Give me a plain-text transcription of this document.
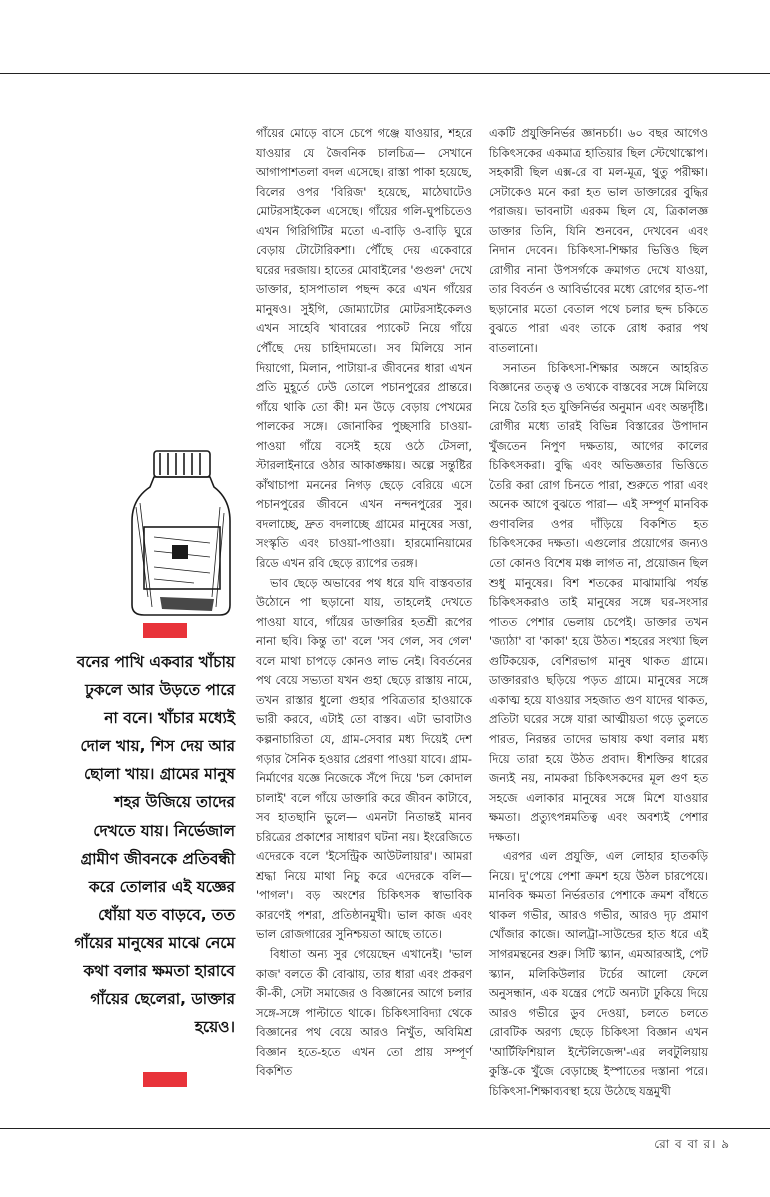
গাঁয়ের মোড়ে বাসে চেপে গঞ্জে যাওয়ার, শহরে যাওয়ার যে জৈবনিক চালচিত্র— সেখানে আগাপাশতলা বদল এসেছে। রাস্তা পাকা হয়েছে, বিলের ওপর 'বিরিজ' হয়েছে, মাঠেঘাটেও মোটরসাইকেল এসেছে। গাঁয়ের গলি-ঘুপচিতেও এখন গিরিগিটির মতো এ-বাড়ি ও-বাড়ি ঘুরে বেড়ায় টোটোরিকশা। পৌঁছে দেয় একেবারে ঘরের দরজায়। হাতের মোবাইলের 'গুগুল' দেখে ডাক্তার, হাসপাতাল পছন্দ করে এখন গাঁয়ের মানুষও। সুইগি, জোম্যাটোর মোটরসাইকেলও এখন সাহেবি খাবারের প্যাকেট নিয়ে গাঁয়ে পৌঁছে দেয় চাহিদামতো। সব মিলিয়ে সান দিয়াগো, মিলান, পাটায়া-র জীবনের ধারা এখন প্রতি মুহূর্তে ঢেউ তোলে পচানপুরের প্রান্তরে। গাঁয়ে থাকি তো কী! মন উড়ে বেড়ায় পেখমের পালকের সঙ্গে। জোনাকির পুচ্ছসারি চাওয়া-পাওয়া গাঁয়ে বসেই হয়ে ওঠে টেসলা, স্টারলাইনারে ওঠার আকাঙ্ক্ষায়। অল্পে সন্তুষ্টির কাঁথাচাপা মননের নিগড় ছেড়ে বেরিয়ে এসে পচানপুরের জীবনে এখন নন্দনপুরের সুর। বদলাচ্ছে, দ্রুত বদলাচ্ছে গ্রামের মানুষের সত্তা, সংস্কৃতি এবং চাওয়া-পাওয়া। হারমোনিয়ামের রিডে এখন রবি ছেড়ে র‍্যাপের তরঙ্গ।

ভাব ছেড়ে অভাবের পথ ধরে যদি বাস্তবতার উঠোনে পা ছড়ানো যায়, তাহলেই দেখতে পাওয়া যাবে, গাঁয়ের ডাক্তারির হতশ্রী রূপের নানা ছবি। কিন্তু তা' বলে 'সব গেল, সব গেল' বলে মাথা চাপড়ে কোনও লাভ নেই। বিবর্তনের পথ বেয়ে সভ্যতা যখন গুহা ছেড়ে রাস্তায় নামে, তখন রাস্তার ধুলো গুহার পবিত্রতার হাওয়াকে ভারী করবে, এটাই তো বাস্তব। এটা ভাবাটাও কল্পনাচারিতা যে, গ্রাম-সেবার মধ্য দিয়েই দেশ গড়ার সৈনিক হওয়ার প্রেরণা পাওয়া যাবে। গ্রাম-নির্মাণের যজ্ঞে নিজেকে সঁপে দিয়ে 'চল কোদাল চালাই' বলে গাঁয়ে ডাক্তারি করে জীবন কাটাবে, সব হাতছানি ভুলে— এমনটা নিতান্তই মানব চরিত্রের প্রকাশের সাধারণ ঘটনা নয়। ইংরেজিতে এদেরকে বলে 'ইসেন্ট্রিক আউটলায়ার'। আমরা শ্রদ্ধা নিয়ে মাথা নিচু করে এদেরকে বলি— 'পাগল'। বড় অংশের চিকিৎসক স্বাভাবিক কারণেই পশরা, প্রতিষ্ঠানমুখী। ভাল কাজ এবং ভাল রোজগারের সুনিশ্চয়তা আছে তাতে।

বিধাতা অন্য সুর গেয়েছেন এখানেই। 'ভাল কাজ' বলতে কী বোঝায়, তার ধারা এবং প্রকরণ কী-কী, সেটা সমাজের ও বিজ্ঞানের আগে চলার সঙ্গে-সঙ্গে পাল্টাতে থাকে। চিকিৎসাবিদ্যা থেকে বিজ্ঞানের পথ বেয়ে আরও নিখুঁত, অবিমিশ্র বিজ্ঞান হতে-হতে এখন তো প্রায় সম্পূর্ণ বিকশিত

একটি প্রযুক্তিনির্ভর জ্ঞানচর্চা। ৬০ বছর আগেও চিকিৎসকের একমাত্র হাতিয়ার ছিল স্টেথোস্কোপ। সহকারী ছিল এক্স-রে বা মল-মূত্র, থুতু পরীক্ষা। সেটাকেও মনে করা হত ভাল ডাক্তারের বুদ্ধির পরাজয়। ভাবনাটা এরকম ছিল যে, ত্রিকালজ্ঞ ডাক্তার তিনি, যিনি শুনবেন, দেখবেন এবং নিদান দেবেন। চিকিৎসা-শিক্ষার ভিত্তিও ছিল রোগীর নানা উপসর্গকে ক্রমাগত দেখে যাওয়া, তার বিবর্তন ও আবির্ভাবের মধ্যে রোগের হাত-পা ছড়ানোর মতো বেতাল পথে চলার ছন্দ চকিতে বুঝতে পারা এবং তাকে রোধ করার পথ বাতলানো।

সনাতন চিকিৎসা-শিক্ষার অঙ্গনে আহরিত বিজ্ঞানের তত্ত্ব ও তথ্যকে বাস্তবের সঙ্গে মিলিয়ে নিয়ে তৈরি হত যুক্তিনির্ভর অনুমান এবং অন্তর্দৃষ্টি। রোগীর মধ্যে তারই বিভিন্ন বিস্তারের উপাদান খুঁজতেন নিপুণ দক্ষতায়, আগের কালের চিকিৎসকরা। বুদ্ধি এবং অভিজ্ঞতার ভিত্তিতে তৈরি করা রোগ চিনতে পারা, শুরুতে পারা এবং অনেক আগে বুঝতে পারা— এই সম্পূর্ণ মানবিক গুণাবলির ওপর দাঁড়িয়ে বিকশিত হত চিকিৎসকের দক্ষতা। এগুলোর প্রয়োগের জন্যও তো কোনও বিশেষ মঞ্চ লাগত না, প্রয়োজন ছিল শুধু মানুষের। বিশ শতকের মাঝামাঝি পর্যন্ত চিকিৎসকরাও তাই মানুষের সঙ্গে ঘর-সংসার পাতত পেশার ভেলায় চেপেই। ডাক্তার তখন 'জ্যাঠা' বা 'কাকা' হয়ে উঠত। শহরের সংখ্যা ছিল গুটিকয়েক, বেশিরভাগ মানুষ থাকত গ্রামে। ডাক্তাররাও ছড়িয়ে পড়ত গ্রামে। মানুষের সঙ্গে একাত্ম হয়ে যাওয়ার সহজাত গুণ যাদের থাকত, প্রতিটা ঘরের সঙ্গে যারা আত্মীয়তা গড়ে তুলতে পারত, নিরন্তর তাদের ভাষায় কথা বলার মধ্য দিয়ে তারা হয়ে উঠত প্রবাদ। ধীশক্তির ধারের জন্যই নয়, নামকরা চিকিৎসকদের মূল গুণ হত সহজে এলাকার মানুষের সঙ্গে মিশে যাওয়ার ক্ষমতা। প্রত্যুৎপন্নমতিত্ব এবং অবশ্যই পেশার দক্ষতা।

এরপর এল প্রযুক্তি, এল লোহার হাতকড়ি নিয়ে। দু'পেয়ে পেশা ক্রমশ হয়ে উঠল চারপেয়ে। মানবিক ক্ষমতা নির্ভরতার পেশাকে ক্রমশ বাঁধতে থাকল গভীর, আরও গভীর, আরও দৃঢ় প্রমাণ খোঁজার কাজে। আলট্রা-সাউন্ডের হাত ধরে এই সাগরমন্থনের শুরু। সিটি স্ক্যান, এমআরআই, পেট স্ক্যান, মলিকিউলার টর্চের আলো ফেলে অনুসন্ধান, এক যন্ত্রের পেটে অন্যটা ঢুকিয়ে দিয়ে আরও গভীরে ডুব দেওয়া, চলতে চলতে রোবটিক অরণ্য ছেড়ে চিকিৎসা বিজ্ঞান এখন 'আর্টিফিশিয়াল ইন্টেলিজেন্স'-এর লবটুলিয়ায় কুস্তি-কে খুঁজে বেড়াচ্ছে ইস্পাতের দস্তানা পরে। চিকিৎসা-শিক্ষাব্যবস্থা হয়ে উঠেছে যন্ত্রমুখী

বনের পাখি একবার খাঁচায় ঢুকলে আর উড়তে পারে না বনে। খাঁচার মধ্যেই দোল খায়, শিস দেয় আর ছোলা খায়। গ্রামের মানুষ শহর উজিয়ে তাদের দেখতে যায়। নির্ভেজাল গ্রামীণ জীবনকে প্রতিবন্ধী করে তোলার এই যজ্ঞের ধোঁয়া যত বাড়বে, তত গাঁয়ের মানুষের মাঝে নেমে কথা বলার ক্ষমতা হারাবে গাঁয়ের ছেলেরা, ডাক্তার হয়েও।
রো ব বা র। ৯
